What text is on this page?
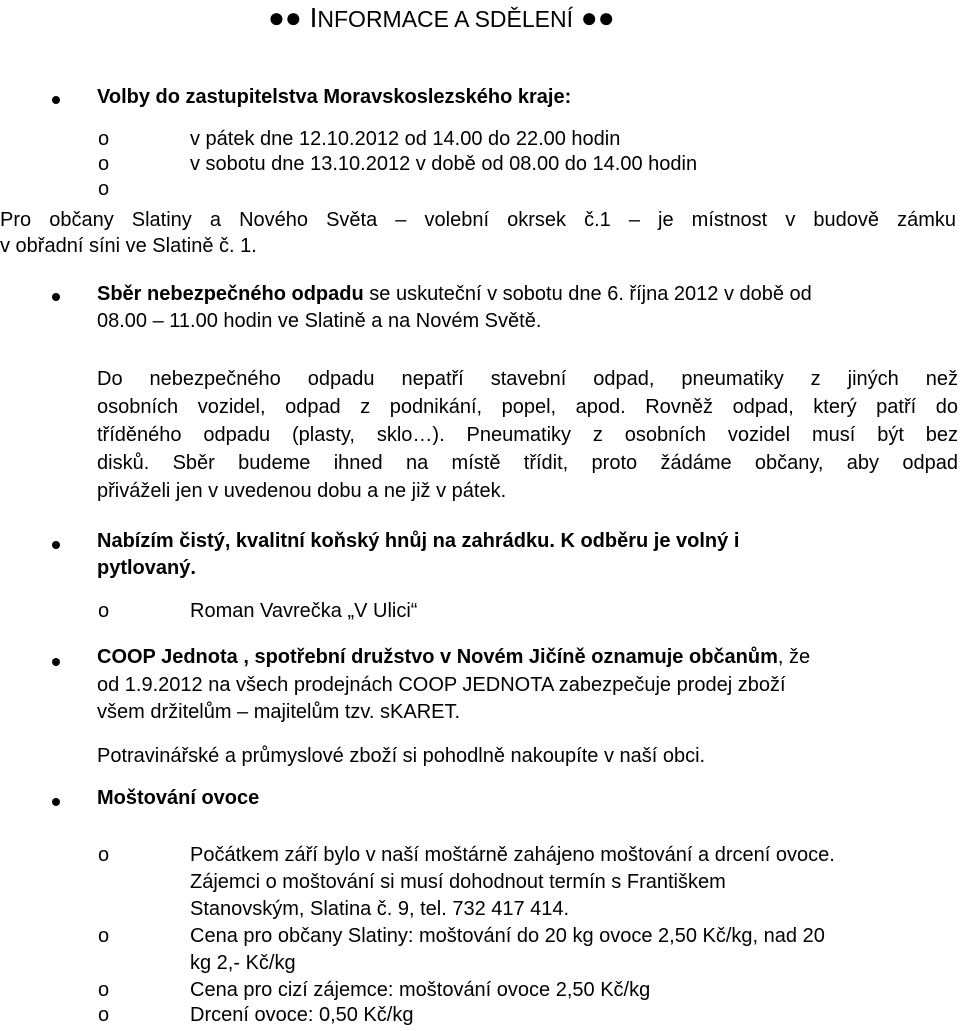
●● INFORMACE A SDĚLENÍ ●●
Volby do zastupitelstva Moravskoslezského kraje:
o	v pátek dne 12.10.2012 od 14.00 do 22.00 hodin
o	v sobotu dne 13.10.2012 v době od 08.00 do 14.00 hodin
o
Pro občany Slatiny a Nového Světa – volební okrsek č.1 – je místnost v budově zámku
v obřadní síni ve Slatině č. 1.
Sběr nebezpečného odpadu se uskuteční v sobotu dne 6. října 2012 v době od
08.00 – 11.00 hodin ve Slatině a na Novém Světě.
Do nebezpečného odpadu nepatří stavební odpad, pneumatiky z jiných než
osobních vozidel, odpad z podnikání, popel, apod. Rovněž odpad, který patří do
tříděného odpadu (plasty, sklo…). Pneumatiky z osobních vozidel musí být bez
disků. Sběr budeme ihned na místě třídit, proto žádáme občany, aby odpad
přiváželi jen v uvedenou dobu a ne již v pátek.
Nabízím čistý, kvalitní koňský hnůj na zahrádku. K odběru je volný i
pytlovaný.
o	Roman Vavrečka „V Ulici“
COOP Jednota , spotřební družstvo v Novém Jičíně oznamuje občanům, že
od 1.9.2012 na všech prodejnách COOP JEDNOTA zabezpečuje prodej zboží
všem držitelům – majitelům tzv. sKARET.
Potravinářské a průmyslové zboží si pohodlně nakoupíte v naší obci.
Moštování ovoce
o	Počátkem září bylo v naší moštárně zahájeno moštování a drcení ovoce.
Zájemci o moštování si musí dohodnout termín s Františkem
Stanovským, Slatina č. 9, tel. 732 417 414.
o	Cena pro občany Slatiny: moštování do 20 kg ovoce 2,50 Kč/kg, nad 20
kg 2,- Kč/kg
o	Cena pro cizí zájemce: moštování ovoce 2,50 Kč/kg
o	Drcení ovoce: 0,50 Kč/kg
